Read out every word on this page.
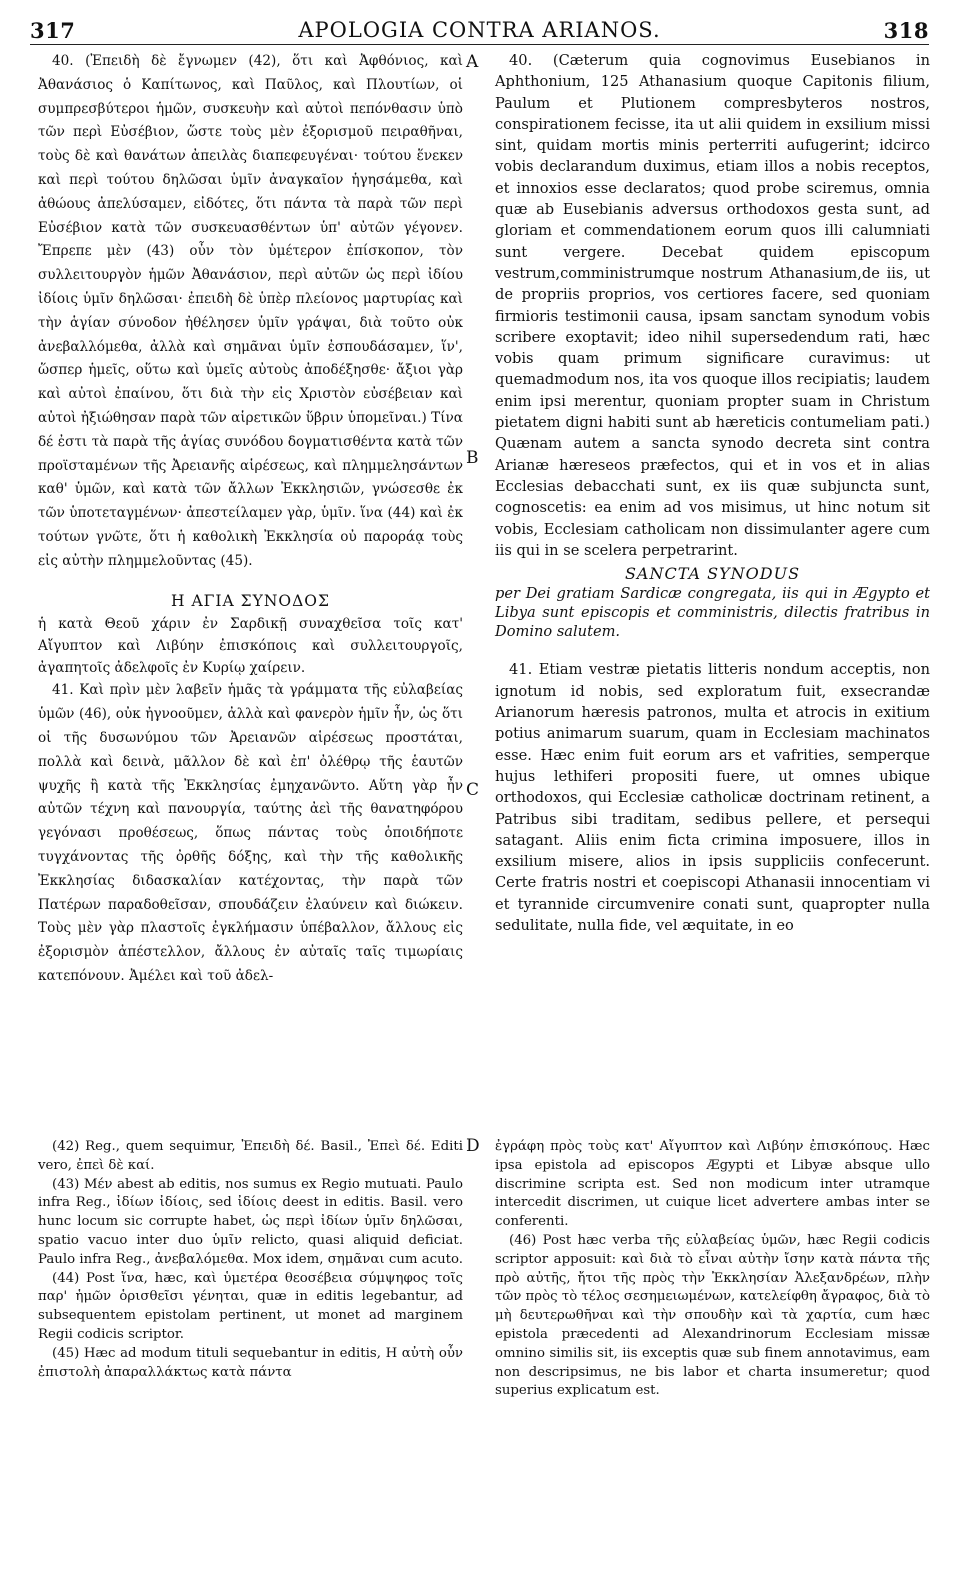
317	APOLOGIA CONTRA ARIANOS.	318

40. (Ἐπειδὴ δὲ ἔγνωμεν (42), ὅτι καὶ Ἀφθόνιος, καὶ Ἀθανάσιος ὁ Καπίτωνος, καὶ Παῦλος, καὶ Πλουτίων, οἱ συμπρεσβύτεροι ἡμῶν, συσκευὴν καὶ αὐτοὶ πεπόνθασιν ὑπὸ τῶν περὶ Εὐσέβιον, ὥστε τοὺς μὲν ἐξορισμοῦ πειραθῆναι, τοὺς δὲ καὶ θανάτων ἀπειλὰς διαπεφευγέναι· τούτου ἕνεκεν καὶ περὶ τούτου δηλῶσαι ὑμῖν ἀναγκαῖον ἡγησάμεθα, καὶ ἀθώους ἀπελύσαμεν, εἰδότες, ὅτι πάντα τὰ παρὰ τῶν περὶ Εὐσέβιον κατὰ τῶν συσκευασθέντων ὑπ' αὐτῶν γέγονεν. Ἔπρεπε μὲν (43) οὖν τὸν ὑμέτερον ἐπίσκοπον, τὸν συλλειτουργὸν ἡμῶν Ἀθανάσιον, περὶ αὐτῶν ὡς περὶ ἰδίου ἰδίοις ὑμῖν δηλῶσαι· ἐπειδὴ δὲ ὑπὲρ πλείονος μαρτυρίας καὶ τὴν ἁγίαν σύνοδον ἠθέλησεν ὑμῖν γράψαι, διὰ τοῦτο οὐκ ἀνεβαλλόμεθα, ἀλλὰ καὶ σημᾶναι ὑμῖν ἐσπουδάσαμεν, ἵν', ὥσπερ ἡμεῖς, οὕτω καὶ ὑμεῖς αὐτοὺς ἀποδέξησθε· ἄξιοι γὰρ καὶ αὐτοὶ ἐπαίνου, ὅτι διὰ τὴν εἰς Χριστὸν εὐσέβειαν καὶ αὐτοὶ ἠξιώθησαν παρὰ τῶν αἱρετικῶν ὕβριν ὑπομεῖναι.) Τίνα δέ ἐστι τὰ παρὰ τῆς ἁγίας συνόδου δογματισθέντα κατὰ τῶν προϊσταμένων τῆς Ἀρειανῆς αἱρέσεως, καὶ πλημμελησάντων καθ' ὑμῶν, καὶ κατὰ τῶν ἄλλων Ἐκκλησιῶν, γνώσεσθε ἐκ τῶν ὑποτεταγμένων· ἀπεστείλαμεν γὰρ, ὑμῖν. ἵνα (44) καὶ ἐκ τούτων γνῶτε, ὅτι ἡ καθολικὴ Ἐκκλησία οὐ παροράᾳ τοὺς εἰς αὐτὴν πλημμελοῦντας (45).

Η ΑΓΙΑ ΣΥΝΟΔΟΣ

ἡ κατὰ Θεοῦ χάριν ἐν Σαρδικῇ συναχθεῖσα τοῖς κατ' Αἴγυπτον καὶ Λιβύην ἐπισκόποις καὶ συλλειτουργοῖς, ἀγαπητοῖς ἀδελφοῖς ἐν Κυρίῳ χαίρειν.

41. Καὶ πρὶν μὲν λαβεῖν ἡμᾶς τὰ γράμματα τῆς εὐλαβείας ὑμῶν (46), οὐκ ἠγνοοῦμεν, ἀλλὰ καὶ φανερὸν ἡμῖν ἦν, ὡς ὅτι οἱ τῆς δυσωνύμου τῶν Ἀρειανῶν αἱρέσεως προστάται, πολλὰ καὶ δεινὰ, μᾶλλον δὲ καὶ ἐπ' ὀλέθρῳ τῆς ἑαυτῶν ψυχῆς ἢ κατὰ τῆς Ἐκκλησίας ἐμηχανῶντο. Αὕτη γὰρ ἦν αὐτῶν τέχνη καὶ πανουργία, ταύτης ἀεὶ τῆς θανατηφόρου γεγόνασι προθέσεως, ὅπως πάντας τοὺς ὁποιδήποτε τυγχάνοντας τῆς ὀρθῆς δόξης, καὶ τὴν τῆς καθολικῆς Ἐκκλησίας διδασκαλίαν κατέχοντας, τὴν παρὰ τῶν Πατέρων παραδοθεῖσαν, σπουδάζειν ἐλαύνειν καὶ διώκειν. Τοὺς μὲν γὰρ πλαστοῖς ἐγκλήμασιν ὑπέβαλλον, ἄλλους εἰς ἐξορισμὸν ἀπέστελλον, ἄλλους ἐν αὐταῖς ταῖς τιμωρίαις κατεπόνουν. Ἀμέλει καὶ τοῦ ἀδελ-

40. (Cæterum quia cognovimus Eusebianos in Aphthonium, 125 Athanasium quoque Capitonis filium, Paulum et Plutionem compresbyteros nostros, conspirationem fecisse, ita ut alii quidem in exsilium missi sint, quidam mortis minis perterriti aufugerint; idcirco vobis declarandum duximus, etiam illos a nobis receptos, et innoxios esse declaratos; quod probe sciremus, omnia quæ ab Eusebianis adversus orthodoxos gesta sunt, ad gloriam et commendationem eorum quos illi calumniati sunt vergere. Decebat quidem episcopum vestrum,comministrumque nostrum Athanasium,de iis, ut de propriis proprios, vos certiores facere, sed quoniam firmioris testimonii causa, ipsam sanctam synodum vobis scribere exoptavit; ideo nihil supersedendum rati, hæc vobis quam primum significare curavimus: ut quemadmodum nos, ita vos quoque illos recipiatis; laudem enim ipsi merentur, quoniam propter suam in Christum pietatem digni habiti sunt ab hæreticis contumeliam pati.) Quænam autem a sancta synodo decreta sint contra Arianæ hæreseos præfectos, qui et in vos et in alias Ecclesias debacchati sunt, ex iis quæ subjuncta sunt, cognoscetis: ea enim ad vos misimus, ut hinc notum sit vobis, Ecclesiam catholicam non dissimulanter agere cum iis qui in se scelera perpetrarint.

SANCTA SYNODUS

per Dei gratiam Sardicæ congregata, iis qui in Ægypto et Libya sunt episcopis et comministris, dilectis fratribus in Domino salutem.

41. Etiam vestræ pietatis litteris nondum acceptis, non ignotum id nobis, sed exploratum fuit, exsecrandæ Arianorum hæresis patronos, multa et atrocis in exitium potius animarum suarum, quam in Ecclesiam machinatos esse. Hæc enim fuit eorum ars et vafrities, semperque hujus lethiferi propositi fuere, ut omnes ubique orthodoxos, qui Ecclesiæ catholicæ doctrinam retinent, a Patribus sibi traditam, sedibus pellere, et persequi satagant. Aliis enim ficta crimina imposuere, illos in exsilium misere, alios in ipsis suppliciis confecerunt. Certe fratris nostri et coepiscopi Athanasii innocentiam vi et tyrannide circumvenire conati sunt, quapropter nulla sedulitate, nulla fide, vel æquitate, in eo

A
B
C
D

(42) Reg., quem sequimur, Ἐπειδὴ δέ. Basil., Ἐπεὶ δέ. Editi vero, ἐπεὶ δὲ καί.

(43) Μέν abest ab editis, nos sumus ex Regio mutuati. Paulo infra Reg., ἰδίων ἰδίοις, sed ἰδίοις deest in editis. Basil. vero hunc locum sic corrupte habet, ὡς περὶ ἰδίων ὑμῖν δηλῶσαι, spatio vacuo inter duo ὑμῖν relicto, quasi aliquid deficiat. Paulo infra Reg., ἀνεβαλόμεθα. Mox idem, σημᾶναι cum acuto.

(44) Post ἵνα, hæc, καὶ ὑμετέρα θεοσέβεια σύμψηφος τοῖς παρ' ἡμῶν ὁρισθεῖσι γένηται, quæ in editis legebantur, ad subsequentem epistolam pertinent, ut monet ad marginem Regii codicis scriptor.

(45) Hæc ad modum tituli sequebantur in editis, Η αὐτὴ οὖν ἐπιστολὴ ἀπαραλλάκτως κατὰ πάντα

ἐγράφη πρὸς τοὺς κατ' Αἴγυπτον καὶ Λιβύην ἐπισκόπους. Hæc ipsa epistola ad episcopos Ægypti et Libyæ absque ullo discrimine scripta est. Sed non modicum inter utramque intercedit discrimen, ut cuique licet advertere ambas inter se conferenti.

(46) Post hæc verba τῆς εὐλαβείας ὑμῶν, hæc Regii codicis scriptor apposuit: καὶ διὰ τὸ εἶναι αὐτὴν ἴσην κατὰ πάντα τῆς πρὸ αὐτῆς, ἤτοι τῆς πρὸς τὴν Ἐκκλησίαν Ἀλεξανδρέων, πλὴν τῶν πρὸς τὸ τέλος σεσημειωμένων, κατελείφθη ἄγραφος, διὰ τὸ μὴ δευτερωθῆναι καὶ τὴν σπουδὴν καὶ τὰ χαρτία, cum hæc epistola præcedenti ad Alexandrinorum Ecclesiam missæ omnino similis sit, iis exceptis quæ sub finem annotavimus, eam non descripsimus, ne bis labor et charta insumeretur; quod superius explicatum est.
